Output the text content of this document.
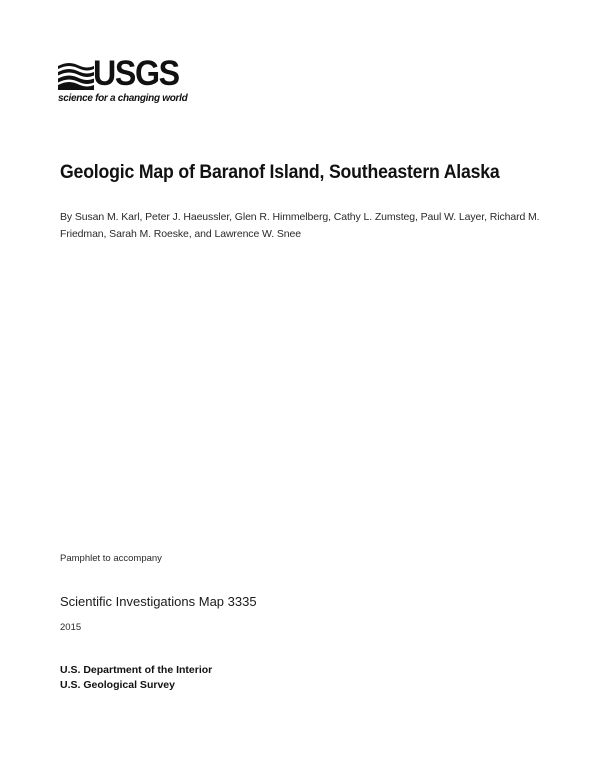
USGS
science for a changing world
Geologic Map of Baranof Island, Southeastern Alaska
By Susan M. Karl, Peter J. Haeussler, Glen R. Himmelberg, Cathy L. Zumsteg, Paul W. Layer, Richard M.
Friedman, Sarah M. Roeske, and Lawrence W. Snee
Pamphlet to accompany
Scientific Investigations Map 3335
2015
U.S. Department of the Interior
U.S. Geological Survey
